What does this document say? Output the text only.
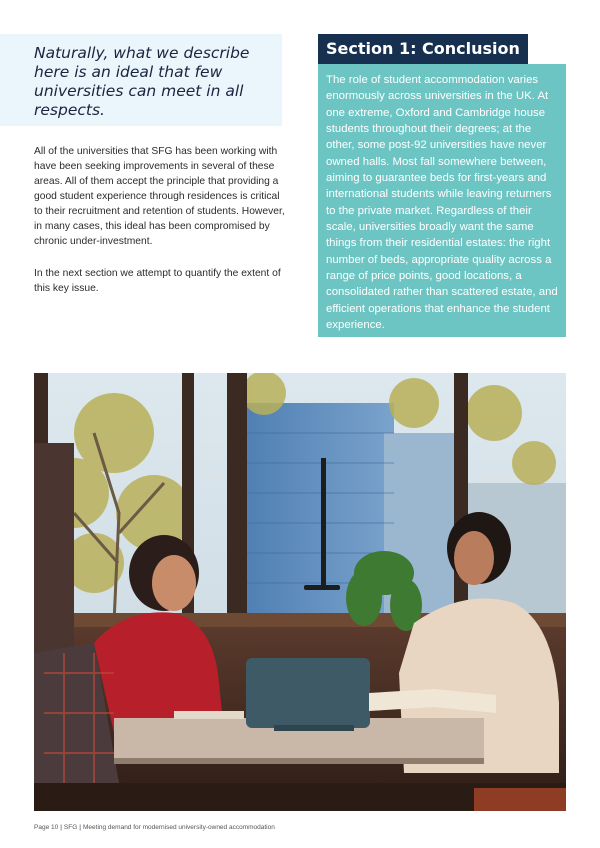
Naturally, what we describe here is an ideal that few universities can meet in all respects.

All of the universities that SFG has been working with have been seeking improvements in several of these areas. All of them accept the principle that providing a good student experience through residences is critical to their recruitment and retention of students. However, in many cases, this ideal has been compromised by chronic under-investment.

In the next section we attempt to quantify the extent of this key issue.

Section 1: Conclusion

The role of student accommodation varies enormously across universities in the UK. At one extreme, Oxford and Cambridge house students throughout their degrees; at the other, some post-92 universities have never owned halls. Most fall somewhere between, aiming to guarantee beds for first-years and international students while leaving returners to the private market. Regardless of their scale, universities broadly want the same things from their residential estates: the right number of beds, appropriate quality across a range of price points, good locations, a consolidated rather than scattered estate, and efficient operations that enhance the student experience.

Page 10 | SFG | Meeting demand for modernised university-owned accommodation
